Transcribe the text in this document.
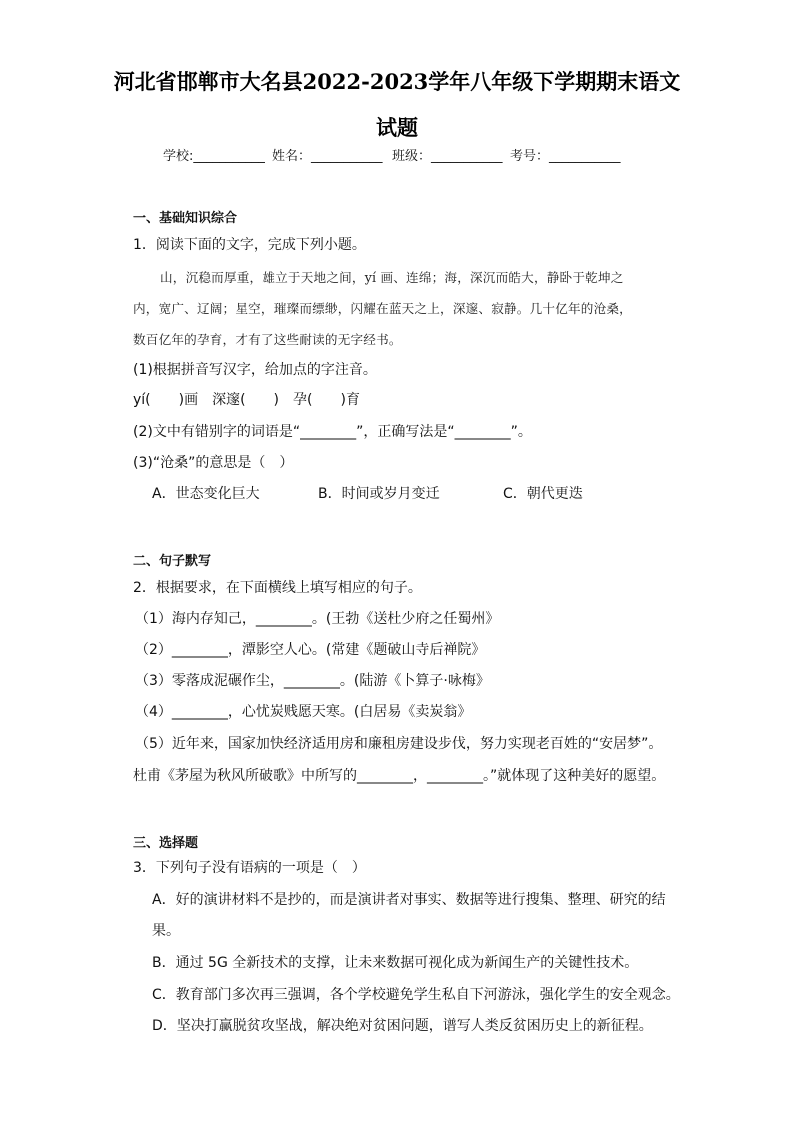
河北省邯郸市大名县2022-2023学年八年级下学期期末语文
试题
学校:___________ 姓名：___________ 班级：___________ 考号：___________
一、基础知识综合
1．阅读下面的文字，完成下列小题。
山，沉稳而厚重，雄立于天地之间，yí 画、连绵；海，深沉而皓大，静卧于乾坤之
内，宽广、辽阔；星空，璀璨而缥缈，闪耀在蓝天之上，深邃、寂静。几十亿年的沧桑，
数百亿年的孕育，才有了这些耐读的无字经书。
(1)根据拼音写汉字，给加点的字注音。
yí(　　)画　深邃(　　)　孕(　　)育
(2)文中有错别字的词语是“________”，正确写法是“________”。
(3)“沧桑”的意思是（　）
A．世态变化巨大	B．时间或岁月变迁	C．朝代更迭
二、句子默写
2．根据要求，在下面横线上填写相应的句子。
（1）海内存知己，________。(王勃《送杜少府之任蜀州》
（2）________，潭影空人心。(常建《题破山寺后禅院》
（3）零落成泥碾作尘，________。(陆游《卜算子·咏梅》
（4）________，心忧炭贱愿天寒。(白居易《卖炭翁》
（5）近年来，国家加快经济适用房和廉租房建设步伐，努力实现老百姓的“安居梦”。
杜甫《茅屋为秋风所破歌》中所写的________，________。”就体现了这种美好的愿望。
三、选择题
3．下列句子没有语病的一项是（　）
A．好的演讲材料不是抄的，而是演讲者对事实、数据等进行搜集、整理、研究的结
果。
B．通过 5G 全新技术的支撑，让未来数据可视化成为新闻生产的关键性技术。
C．教育部门多次再三强调，各个学校避免学生私自下河游泳，强化学生的安全观念。
D．坚决打赢脱贫攻坚战，解决绝对贫困问题，谱写人类反贫困历史上的新征程。
